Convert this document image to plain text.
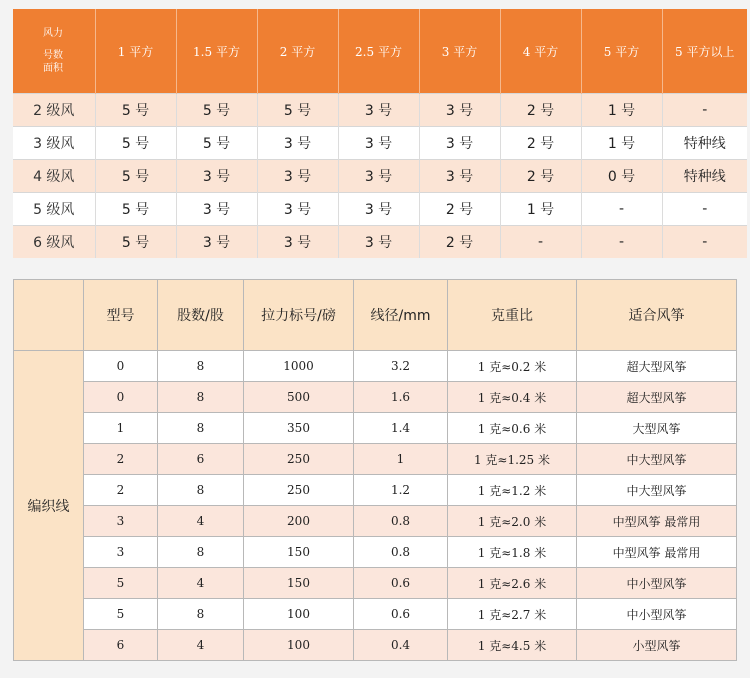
风力
号数
面积	1 平方	1.5 平方	2 平方	2.5 平方	3 平方	4 平方	5 平方	5 平方以上
2 级风	5 号	5 号	5 号	3 号	3 号	2 号	1 号	-
3 级风	5 号	5 号	3 号	3 号	3 号	2 号	1 号	特种线
4 级风	5 号	3 号	3 号	3 号	3 号	2 号	0 号	特种线
5 级风	5 号	3 号	3 号	3 号	2 号	1 号	-	-
6 级风	5 号	3 号	3 号	3 号	2 号	-	-	-
	型号	股数/股	拉力标号/磅	线径/mm	克重比	适合风筝
编织线	0	8	1000	3.2	1 克≈0.2 米	超大型风筝
	0	8	500	1.6	1 克≈0.4 米	超大型风筝
	1	8	350	1.4	1 克≈0.6 米	大型风筝
	2	6	250	1	1 克≈1.25 米	中大型风筝
	2	8	250	1.2	1 克≈1.2 米	中大型风筝
	3	4	200	0.8	1 克≈2.0 米	中型风筝 最常用
	3	8	150	0.8	1 克≈1.8 米	中型风筝 最常用
	5	4	150	0.6	1 克≈2.6 米	中小型风筝
	5	8	100	0.6	1 克≈2.7 米	中小型风筝
	6	4	100	0.4	1 克≈4.5 米	小型风筝
